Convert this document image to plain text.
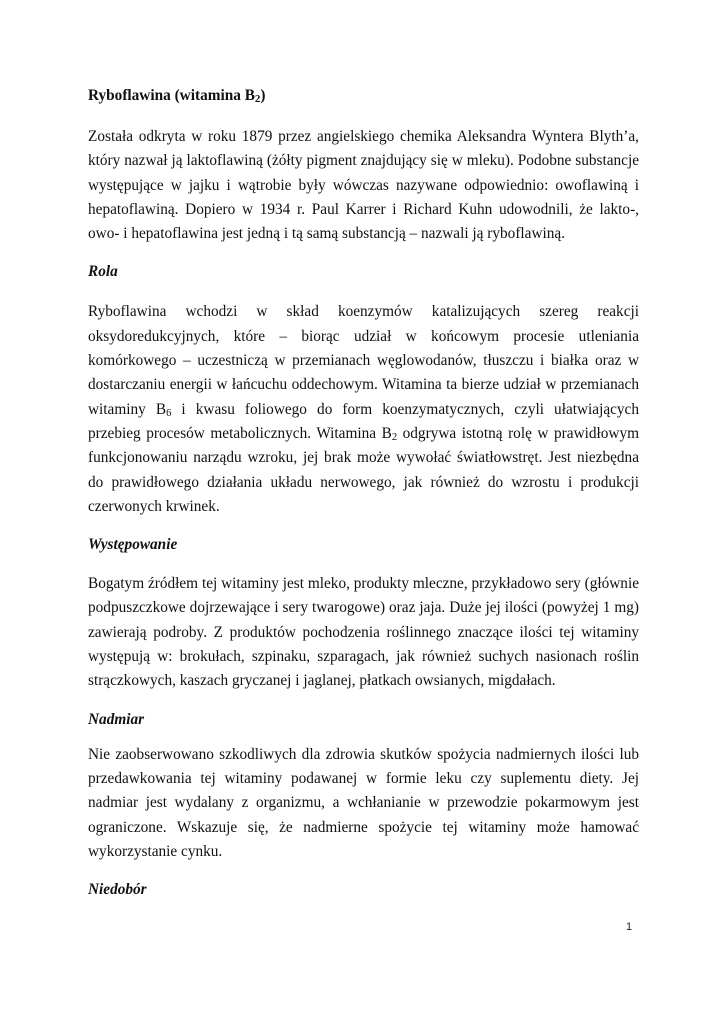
Ryboflawina (witamina B2)

Została odkryta w roku 1879 przez angielskiego chemika Aleksandra Wyntera Blyth’a, który nazwał ją laktoflawiną (żółty pigment znajdujący się w mleku). Podobne substancje występujące w jajku i wątrobie były wówczas nazywane odpowiednio: owoflawiną i hepatoflawiną. Dopiero w 1934 r. Paul Karrer i Richard Kuhn udowodnili, że lakto-, owo- i hepatoflawina jest jedną i tą samą substancją – nazwali ją ryboflawiną.

Rola

Ryboflawina wchodzi w skład koenzymów katalizujących szereg reakcji oksydoredukcyjnych, które – biorąc udział w końcowym procesie utleniania komórkowego – uczestniczą w przemianach węglowodanów, tłuszczu i białka oraz w dostarczaniu energii w łańcuchu oddechowym. Witamina ta bierze udział w przemianach witaminy B6 i kwasu foliowego do form koenzymatycznych, czyli ułatwiających przebieg procesów metabolicznych. Witamina B2 odgrywa istotną rolę w prawidłowym funkcjonowaniu narządu wzroku, jej brak może wywołać światłowstręt. Jest niezbędna do prawidłowego działania układu nerwowego, jak również do wzrostu i produkcji czerwonych krwinek.

Występowanie

Bogatym źródłem tej witaminy jest mleko, produkty mleczne, przykładowo sery (głównie podpuszczkowe dojrzewające i sery twarogowe) oraz jaja. Duże jej ilości (powyżej 1 mg) zawierają podroby. Z produktów pochodzenia roślinnego znaczące ilości tej witaminy występują w: brokułach, szpinaku, szparagach, jak również suchych nasionach roślin strączkowych, kaszach gryczanej i jaglanej, płatkach owsianych, migdałach.

Nadmiar

Nie zaobserwowano szkodliwych dla zdrowia skutków spożycia nadmiernych ilości lub przedawkowania tej witaminy podawanej w formie leku czy suplementu diety. Jej nadmiar jest wydalany z organizmu, a wchłanianie w przewodzie pokarmowym jest ograniczone. Wskazuje się, że nadmierne spożycie tej witaminy może hamować wykorzystanie cynku.

Niedobór

1
